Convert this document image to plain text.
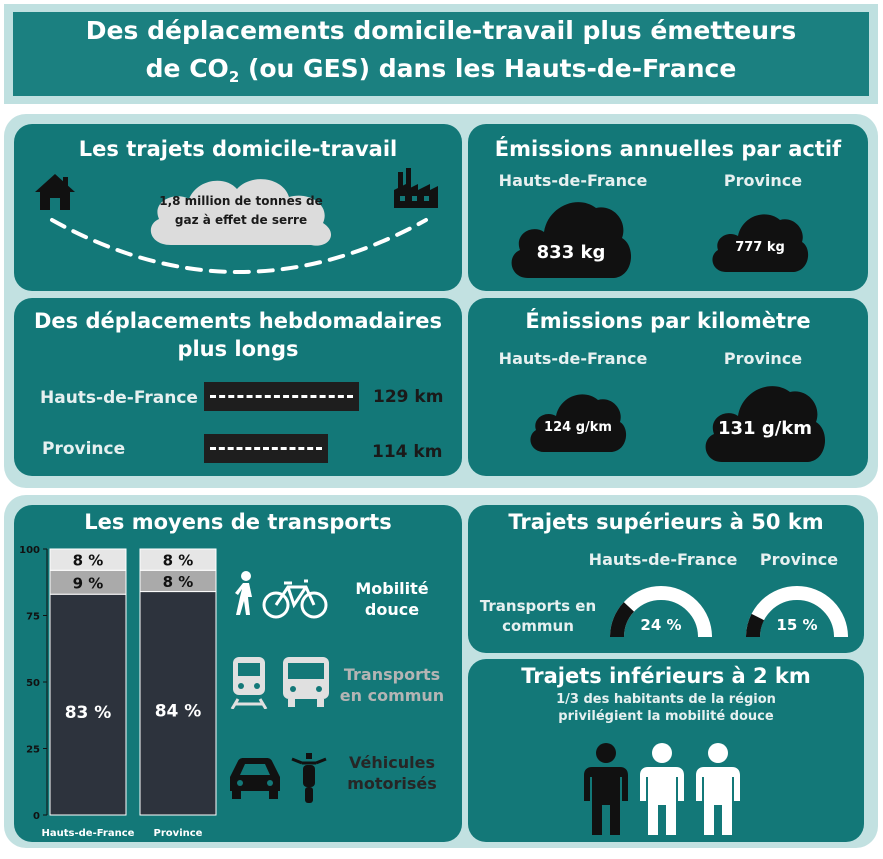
Des déplacements domicile-travail plus émetteurs
de $CO_2$ (ou GES) dans les Hauts-de-France
Les trajets domicile-travail
1,8 million de tonnes de
gaz à effet de serre
Émissions annuelles par actif
Hauts-de-France	Province
833 kg	777 kg
Des déplacements hebdomadaires
plus longs
Hauts-de-France
Province
129 km
114 km
Émissions par kilomètre
Hauts-de-France	Province
124 g/km	131 g/km
Les moyens de transports
0
25
50
75
100
83 %
9 %
8 %
Hauts-de-France
84 %
8 %
8 %
Province
Mobilité
douce
Transports
en commun
Véhicules
motorisés
Trajets supérieurs à 50 km
Hauts-de-France	Province
Transports en
commun	24 %	15 %
Trajets inférieurs à 2 km
1/3 des habitants de la région
privilégient la mobilité douce
